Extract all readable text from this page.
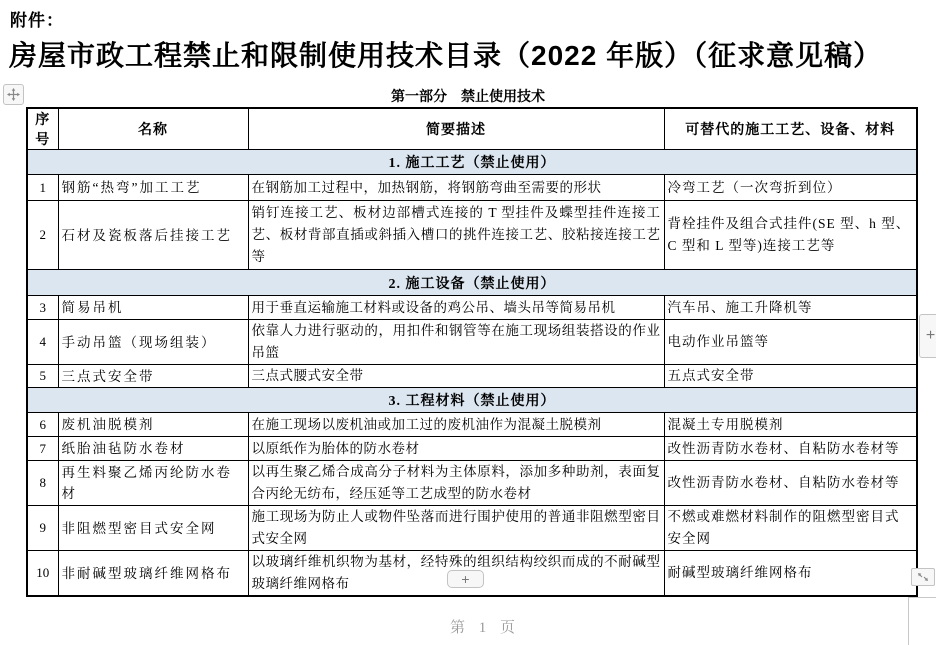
附件：
房屋市政工程禁止和限制使用技术目录（2022 年版）（征求意见稿）
第一部分　禁止使用技术
序号	名称	简要描述	可替代的施工工艺、设备、材料
1. 施工工艺（禁止使用）			
1	钢筋“热弯”加工工艺	在钢筋加工过程中，加热钢筋，将钢筋弯曲至需要的形状	冷弯工艺（一次弯折到位）
2	石材及瓷板落后挂接工艺	销钉连接工艺、板材边部槽式连接的 T 型挂件及蝶型挂件连接工艺、板材背部直插或斜插入槽口的挑件连接工艺、胶粘接连接工艺等	背栓挂件及组合式挂件(SE 型、h 型、C 型和 L 型等)连接工艺等
2. 施工设备（禁止使用）			
3	简易吊机	用于垂直运输施工材料或设备的鸡公吊、墙头吊等简易吊机	汽车吊、施工升降机等
4	手动吊篮（现场组装）	依靠人力进行驱动的，用扣件和钢管等在施工现场组装搭设的作业吊篮	电动作业吊篮等
5	三点式安全带	三点式腰式安全带	五点式安全带
3. 工程材料（禁止使用）			
6	废机油脱模剂	在施工现场以废机油或加工过的废机油作为混凝土脱模剂	混凝土专用脱模剂
7	纸胎油毡防水卷材	以原纸作为胎体的防水卷材	改性沥青防水卷材、自粘防水卷材等
8	再生料聚乙烯丙纶防水卷材	以再生聚乙烯合成高分子材料为主体原料，添加多种助剂，表面复合丙纶无纺布，经压延等工艺成型的防水卷材	改性沥青防水卷材、自粘防水卷材等
9	非阻燃型密目式安全网	施工现场为防止人或物件坠落而进行围护使用的普通非阻燃型密目式安全网	不燃或难燃材料制作的阻燃型密目式安全网
10	非耐碱型玻璃纤维网格布	以玻璃纤维机织物为基材，经特殊的组织结构绞织而成的不耐碱型玻璃纤维网格布	耐碱型玻璃纤维网格布
+
+
第 1 页
